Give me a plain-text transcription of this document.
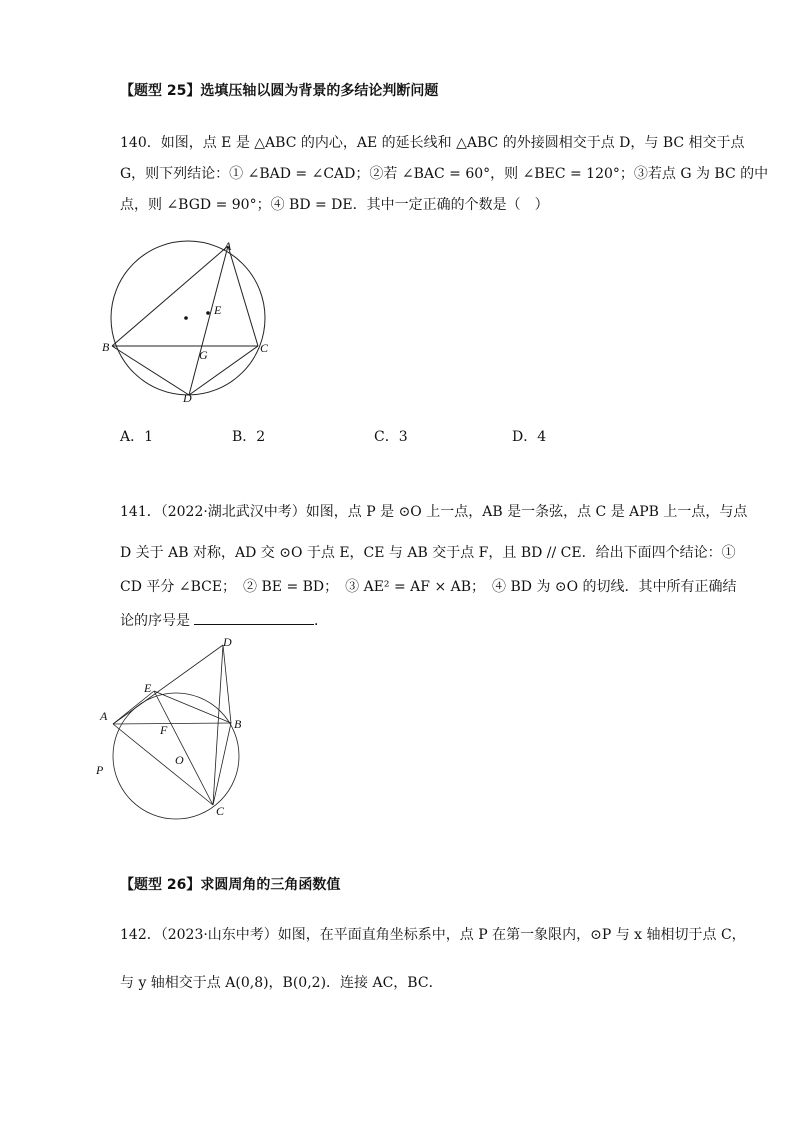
【题型 25】选填压轴以圆为背景的多结论判断问题
140．如图，点 E 是 △ABC 的内心，AE 的延长线和 △ABC 的外接圆相交于点 D，与 BC 相交于点
G，则下列结论：① ∠BAD = ∠CAD；②若 ∠BAC = 60°，则 ∠BEC = 120°；③若点 G 为 BC 的中
点，则 ∠BGD = 90°；④ BD = DE．其中一定正确的个数是（　）
A
B	C
D
E
G
A．1	B．2	C．3	D．4
141．（2022·湖北武汉中考）如图，点 P 是 ⊙O 上一点，AB 是一条弦，点 C 是 APB 上一点，与点
D 关于 AB 对称，AD 交 ⊙O 于点 E，CE 与 AB 交于点 F，且 BD // CE．给出下面四个结论：①
CD 平分 ∠BCE；　② BE = BD；　③ AE² = AF × AB；　④ BD 为 ⊙O 的切线．其中所有正确结
论的序号是	．
D
E
A
B
F
O
P
C
【题型 26】求圆周角的三角函数值
142．（2023·山东中考）如图，在平面直角坐标系中，点 P 在第一象限内，⊙P 与 x 轴相切于点 C，
与 y 轴相交于点 A(0,8)，B(0,2)．连接 AC，BC．
